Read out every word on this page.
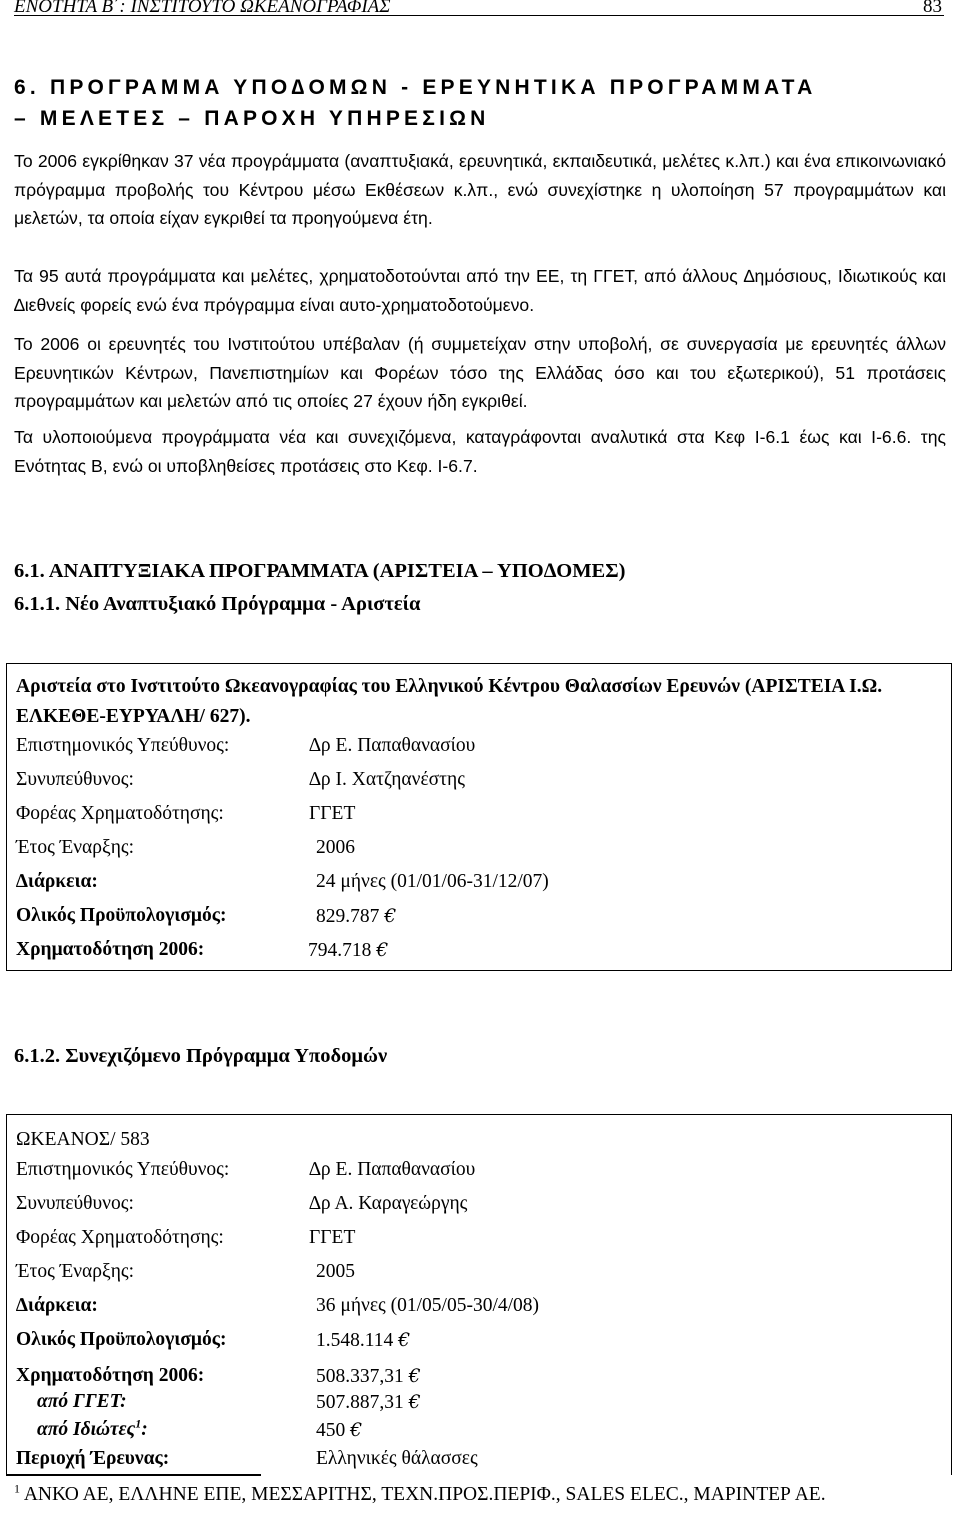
ΕΝΟΤΗΤΑ Β΄: ΙΝΣΤΙΤΟΥΤΟ ΩΚΕΑΝΟΓΡΑΦΙΑΣ	83
6. ΠΡΟΓΡΑΜΜΑ ΥΠΟ∆ΟΜΩΝ - ΕΡΕΥΝΗΤΙΚΑ ΠΡΟΓΡΑΜΜΑΤΑ
– ΜΕΛΕΤΕΣ – ΠΑΡΟΧΗ ΥΠΗΡΕΣΙΩΝ
Το 2006 εγκρίθηκαν 37 νέα προγράμματα (αναπτυξιακά, ερευνητικά, εκπαιδευτικά, μελέτες κ.λπ.) και ένα επικοινωνιακό πρόγραμμα προβολής του Κέντρου μέσω Εκθέσεων κ.λπ., ενώ συνεχίστηκε η υλοποίηση 57 προγραμμάτων και μελετών, τα οποία είχαν εγκριθεί τα προηγούμενα έτη.
Τα 95 αυτά προγράμματα και μελέτες, χρηματοδοτούνται από την ΕΕ, τη ΓΓΕΤ, από άλλους ∆ημόσιους, Ιδιωτικούς και ∆ιεθνείς φορείς ενώ ένα πρόγραμμα είναι αυτο-χρηματοδοτούμενο.
Το 2006 οι ερευνητές του Ινστιτούτου υπέβαλαν (ή συμμετείχαν στην υποβολή, σε συνεργασία με ερευνητές άλλων Ερευνητικών Κέντρων, Πανεπιστημίων και Φορέων τόσο της Ελλάδας όσο και του εξωτερικού), 51 προτάσεις προγραμμάτων και μελετών από τις οποίες 27 έχουν ήδη εγκριθεί.
Τα υλοποιούμενα προγράμματα νέα και συνεχιζόμενα, καταγράφονται αναλυτικά στα Κεφ Ι-6.1 έως και Ι-6.6. της Ενότητας Β, ενώ οι υποβληθείσες προτάσεις στο Κεφ. Ι-6.7.
6.1. ΑΝΑΠΤΥΞΙΑΚΑ ΠΡΟΓΡΑΜΜΑΤΑ (ΑΡΙΣΤΕΙΑ – ΥΠΟ∆ΟΜΕΣ)
6.1.1. Νέο Αναπτυξιακό Πρόγραμμα - Αριστεία
Αριστεία στο Ινστιτούτο Ωκεανογραφίας του Ελληνικού Κέντρου Θαλασσίων Ερευνών (ΑΡΙΣΤΕΙΑ Ι.Ω. ΕΛΚΕΘΕ-ΕΥΡΥΑΛΗ/ 627).
Επιστημονικός Υπεύθυνος:	∆ρ Ε. Παπαθανασίου
Συνυπεύθυνος:	∆ρ Ι. Χατζηανέστης
Φορέας Χρηματοδότησης:	ΓΓΕΤ
Έτος Έναρξης:	2006
∆ιάρκεια:	24 μήνες (01/01/06-31/12/07)
Ολικός Προϋπολογισμός:	829.787 €
Χρηματοδότηση 2006:	794.718 €
6.1.2. Συνεχιζόμενο Πρόγραμμα Υποδομών
ΩΚΕΑΝΟΣ/ 583
Επιστημονικός Υπεύθυνος:	∆ρ Ε. Παπαθανασίου
Συνυπεύθυνος:	∆ρ Α. Καραγεώργης
Φορέας Χρηματοδότησης:	ΓΓΕΤ
Έτος Έναρξης:	2005
∆ιάρκεια:	36 μήνες (01/05/05-30/4/08)
Ολικός Προϋπολογισμός:	1.548.114 €
Χρηματοδότηση 2006:	508.337,31 €
από ΓΓΕΤ:	507.887,31 €
από Ιδιώτες$^1$:	450 €
Περιοχή Έρευνας:	Ελληνικές θάλασσες
$^1$ ΑΝΚΟ ΑΕ, ΕΛΛΗΝΕ ΕΠΕ, ΜΕΣΣΑΡΙΤΗΣ, ΤΕΧΝ.ΠΡΟΣ.ΠΕΡΙΦ., SALES ELEC., ΜΑΡΙΝΤΕΡ ΑΕ.
